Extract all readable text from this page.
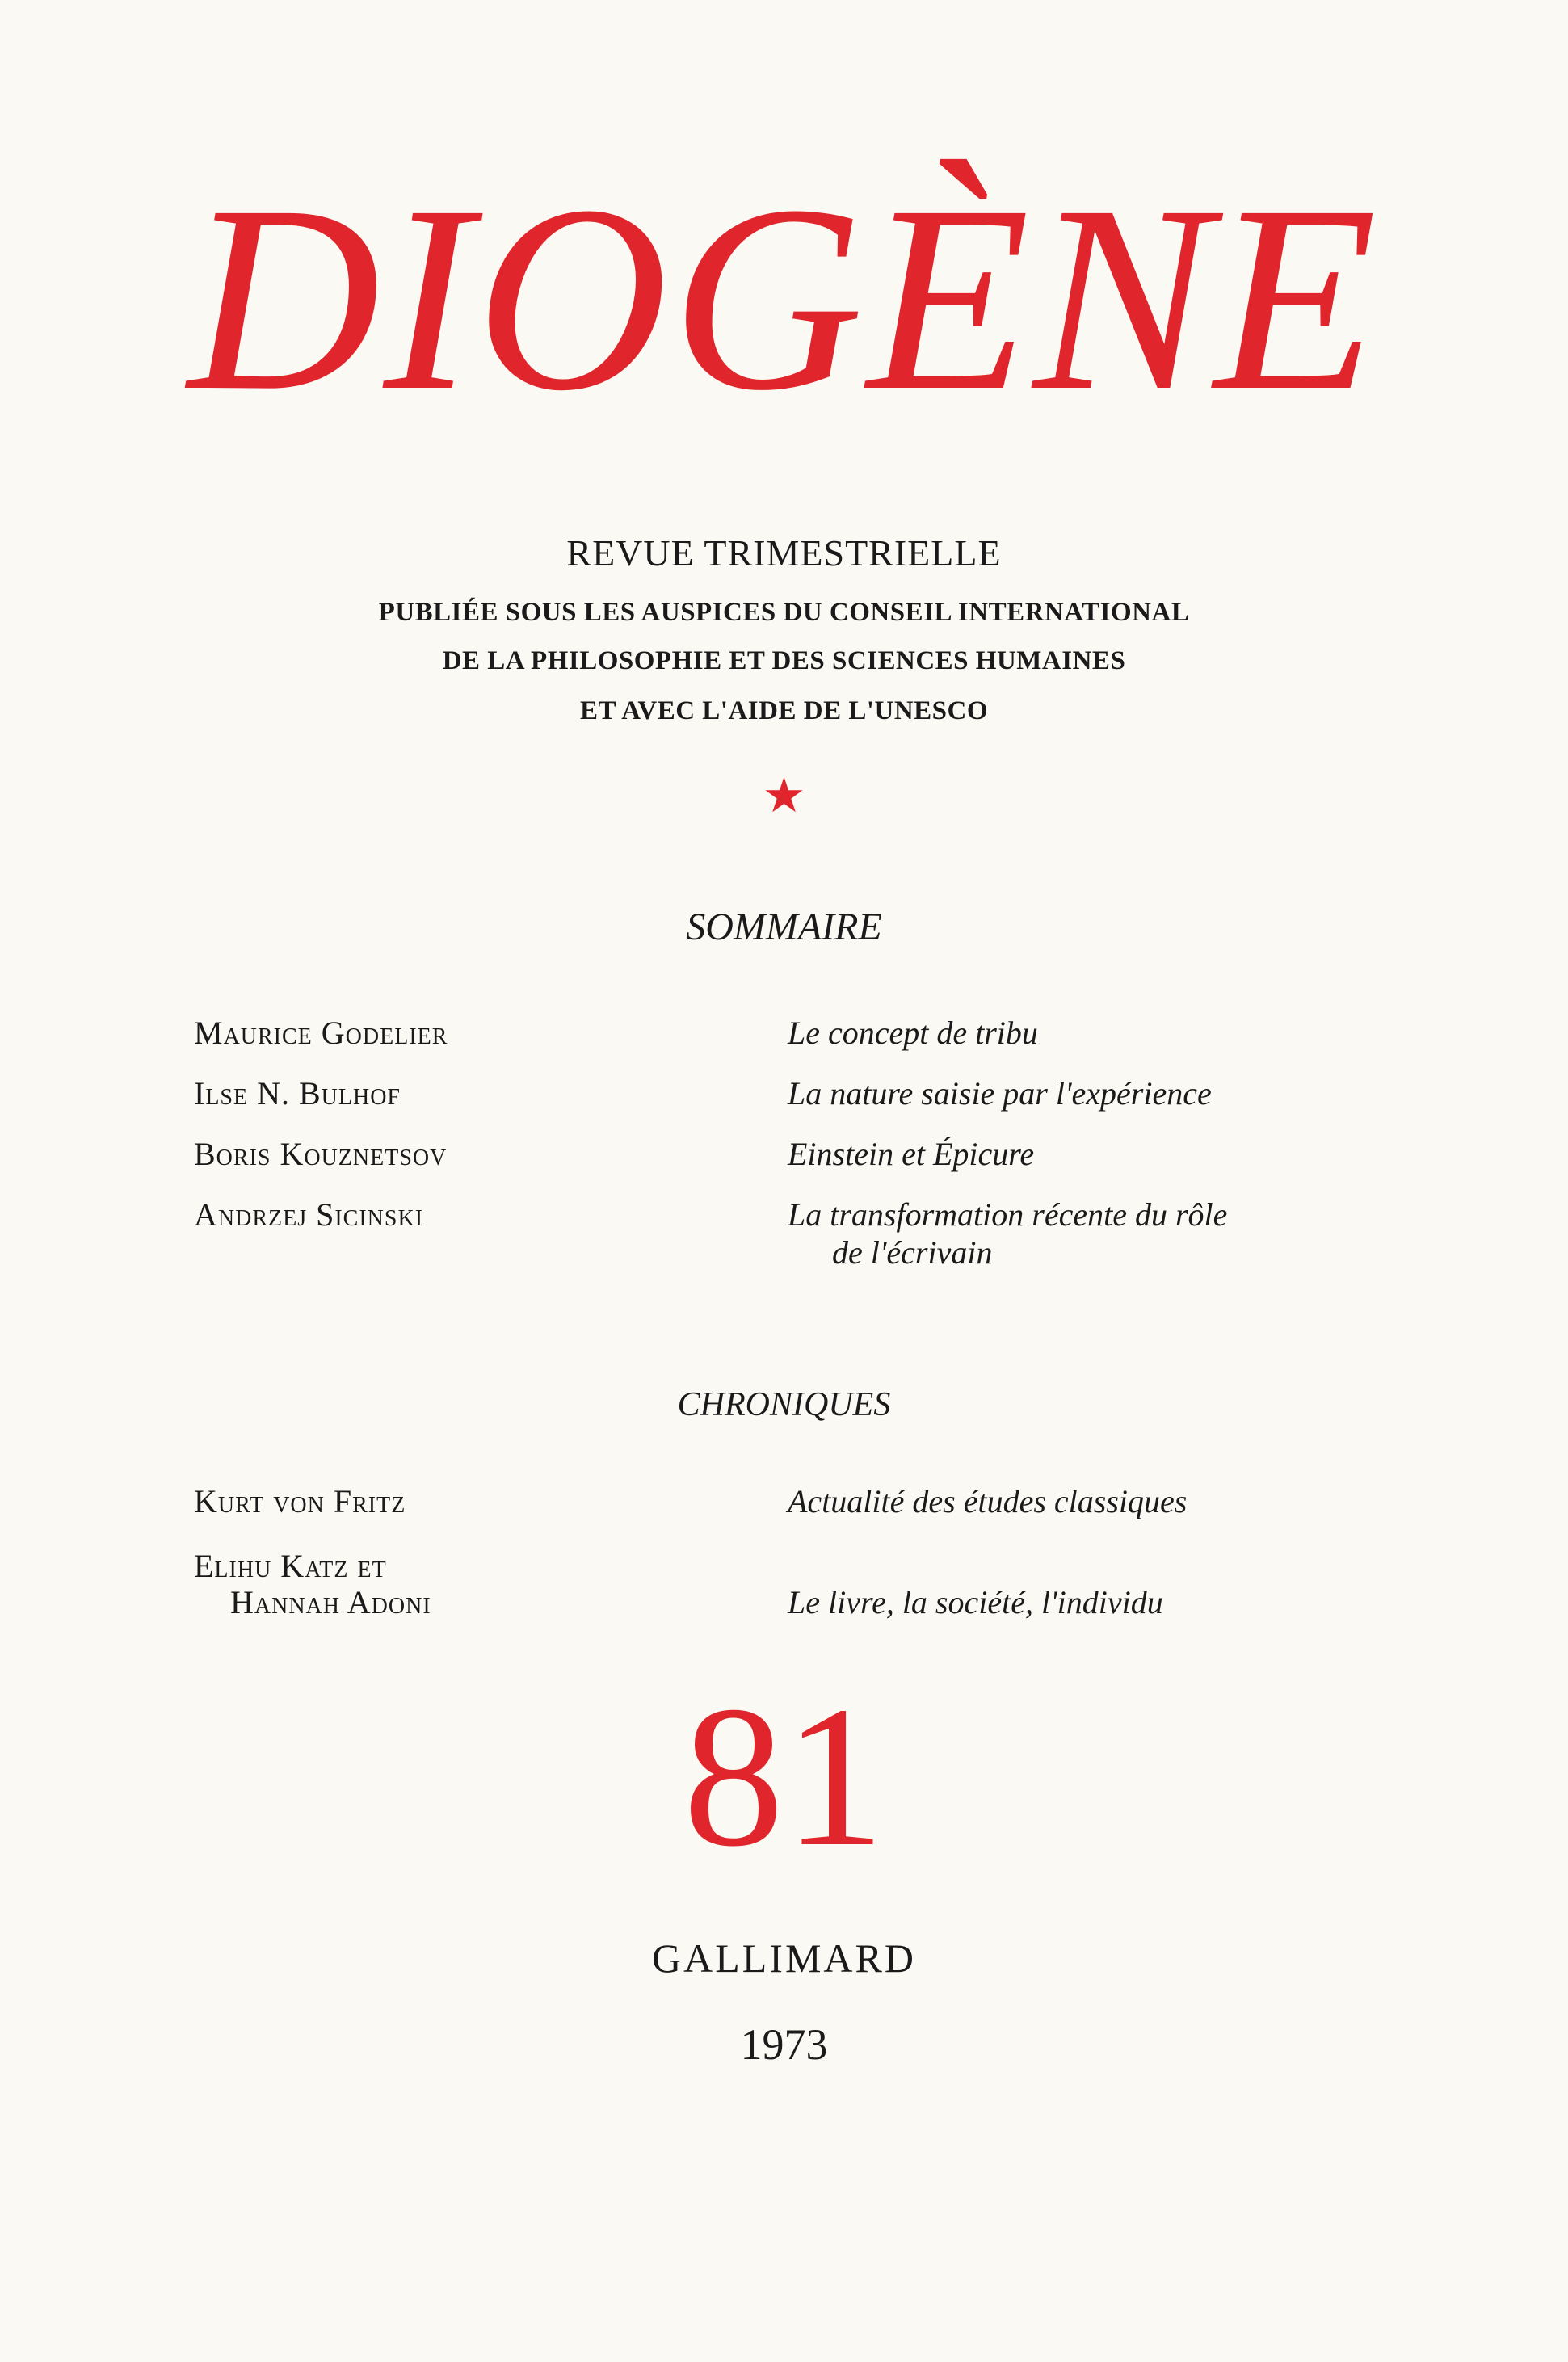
DIOGÈNE
REVUE TRIMESTRIELLE
PUBLIÉE SOUS LES AUSPICES DU CONSEIL INTERNATIONAL
DE LA PHILOSOPHIE ET DES SCIENCES HUMAINES
ET AVEC L'AIDE DE L'UNESCO
★
SOMMAIRE
Maurice Godelier	Le concept de tribu
Ilse N. Bulhof	La nature saisie par l'expérience
Boris Kouznetsov	Einstein et Épicure
Andrzej Sicinski	La transformation récente du rôle
de l'écrivain
CHRONIQUES
Kurt von Fritz	Actualité des études classiques
Elihu Katz et
Hannah Adoni	Le livre, la société, l'individu
81
GALLIMARD
1973
